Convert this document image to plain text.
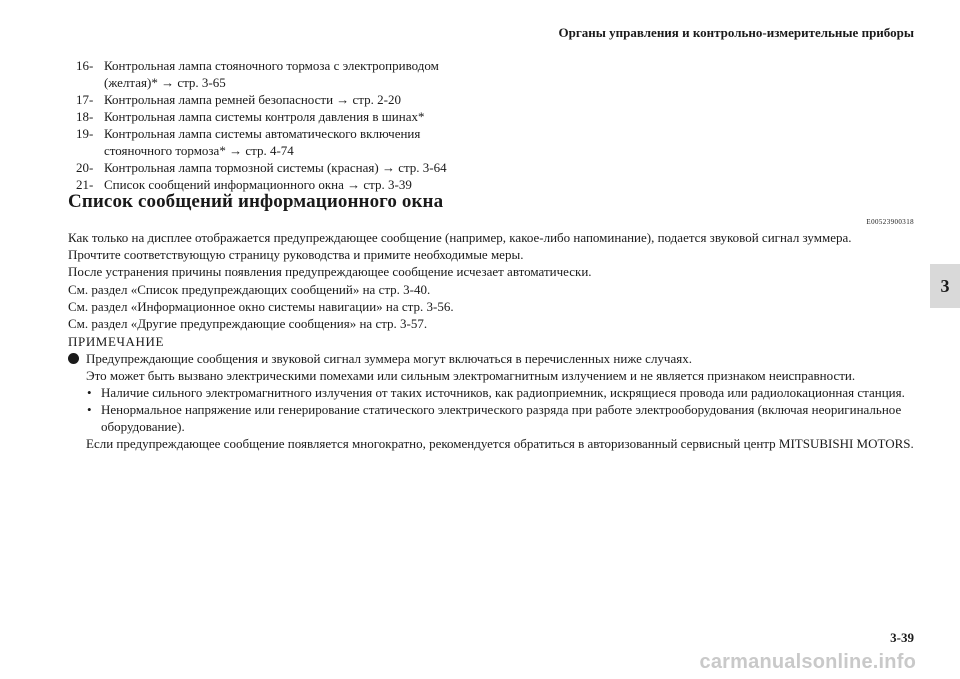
Органы управления и контрольно-измерительные приборы
3
16- Контрольная лампа стояночного тормоза с электроприводом
(желтая)* → стр. 3-65
17- Контрольная лампа ремней безопасности → стр. 2-20
18- Контрольная лампа системы контроля давления в шинах*
19- Контрольная лампа системы автоматического включения
стояночного тормоза* → стр. 4-74
20- Контрольная лампа тормозной системы (красная) → стр. 3-64
21- Список сообщений информационного окна → стр. 3-39
Список сообщений информационного окна
E00523900318
Как только на дисплее отображается предупреждающее сообщение (например, какое-либо напоминание), подается звуковой сигнал зуммера.
Прочтите соответствующую страницу руководства и примите необходимые меры.
После устранения причины появления предупреждающее сообщение исчезает автоматически.
См. раздел «Список предупреждающих сообщений» на стр. 3-40.
См. раздел «Информационное окно системы навигации» на стр. 3-56.
См. раздел «Другие предупреждающие сообщения» на стр. 3-57.
ПРИМЕЧАНИЕ
Предупреждающие сообщения и звуковой сигнал зуммера могут включаться в перечисленных ниже случаях.
Это может быть вызвано электрическими помехами или сильным электромагнитным излучением и не является признаком неисправности.
• Наличие сильного электромагнитного излучения от таких источников, как радиоприемник, искрящиеся провода или радиолокационная станция.
• Ненормальное напряжение или генерирование статического электрического разряда при работе электрооборудования (включая неоригинальное оборудование).
Если предупреждающее сообщение появляется многократно, рекомендуется обратиться в авторизованный сервисный центр MITSUBISHI MOTORS.
3-39
carmanualsonline.info
